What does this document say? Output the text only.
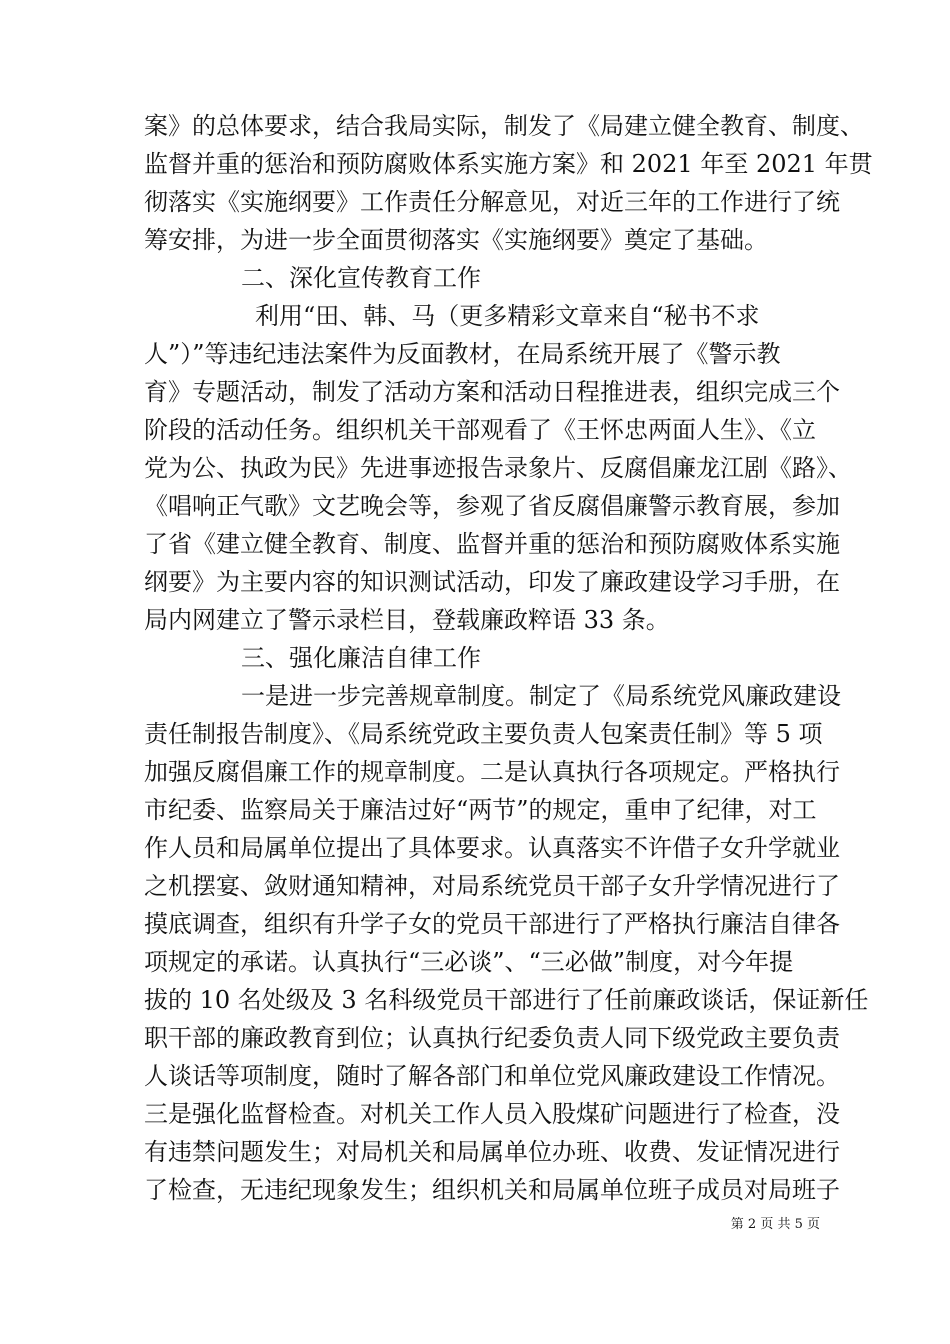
案》的总体要求，结合我局实际，制发了《局建立健全教育、制度、
监督并重的惩治和预防腐败体系实施方案》和 2021 年至 2021 年贯
彻落实《实施纲要》工作责任分解意见，对近三年的工作进行了统
筹安排，为进一步全面贯彻落实《实施纲要》奠定了基础。
二、深化宣传教育工作
利用“田、韩、马（更多精彩文章来自“秘书不求
人”）”等违纪违法案件为反面教材，在局系统开展了《警示教
育》专题活动，制发了活动方案和活动日程推进表，组织完成三个
阶段的活动任务。组织机关干部观看了《王怀忠两面人生》、《立
党为公、执政为民》先进事迹报告录象片、反腐倡廉龙江剧《路》、
《唱响正气歌》文艺晚会等，参观了省反腐倡廉警示教育展，参加
了省《建立健全教育、制度、监督并重的惩治和预防腐败体系实施
纲要》为主要内容的知识测试活动，印发了廉政建设学习手册，在
局内网建立了警示录栏目，登载廉政粹语 33 条。
三、强化廉洁自律工作
一是进一步完善规章制度。制定了《局系统党风廉政建设
责任制报告制度》、《局系统党政主要负责人包案责任制》等 5 项
加强反腐倡廉工作的规章制度。二是认真执行各项规定。严格执行
市纪委、监察局关于廉洁过好“两节”的规定，重申了纪律，对工
作人员和局属单位提出了具体要求。认真落实不许借子女升学就业
之机摆宴、敛财通知精神，对局系统党员干部子女升学情况进行了
摸底调查，组织有升学子女的党员干部进行了严格执行廉洁自律各
项规定的承诺。认真执行“三必谈”、“三必做”制度，对今年提
拔的 10 名处级及 3 名科级党员干部进行了任前廉政谈话，保证新任
职干部的廉政教育到位；认真执行纪委负责人同下级党政主要负责
人谈话等项制度，随时了解各部门和单位党风廉政建设工作情况。
三是强化监督检查。对机关工作人员入股煤矿问题进行了检查，没
有违禁问题发生；对局机关和局属单位办班、收费、发证情况进行
了检查，无违纪现象发生；组织机关和局属单位班子成员对局班子
第 2 页 共 5 页
